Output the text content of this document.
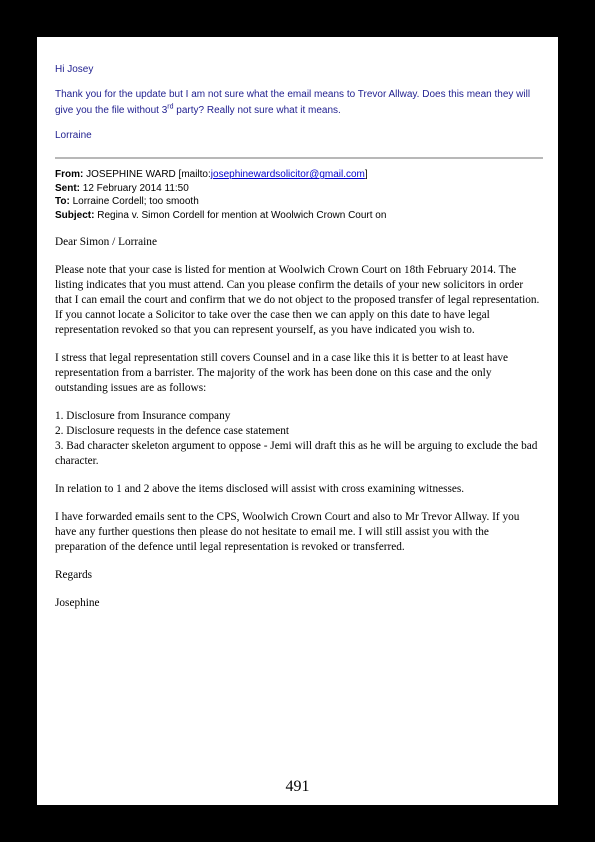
Hi Josey

Thank you for the update but I am not sure what the email means to Trevor Allway. Does this mean they will give you the file without 3rd party? Really not sure what it means.

Lorraine

From: JOSEPHINE WARD [mailto:josephinewardsolicitor@gmail.com]
Sent: 12 February 2014 11:50
To: Lorraine Cordell; too smooth
Subject: Regina v. Simon Cordell for mention at Woolwich Crown Court on

Dear Simon / Lorraine

Please note that your case is listed for mention at Woolwich Crown Court on 18th February 2014. The listing indicates that you must attend. Can you please confirm the details of your new solicitors in order that I can email the court and confirm that we do not object to the proposed transfer of legal representation. If you cannot locate a Solicitor to take over the case then we can apply on this date to have legal representation revoked so that you can represent yourself, as you have indicated you wish to.

I stress that legal representation still covers Counsel and in a case like this it is better to at least have representation from a barrister. The majority of the work has been done on this case and the only outstanding issues are as follows:

1. Disclosure from Insurance company

2. Disclosure requests in the defence case statement

3. Bad character skeleton argument to oppose - Jemi will draft this as he will be arguing to exclude the bad character.

In relation to 1 and 2 above the items disclosed will assist with cross examining witnesses.

I have forwarded emails sent to the CPS, Woolwich Crown Court and also to Mr Trevor Allway. If you have any further questions then please do not hesitate to email me. I will still assist you with the preparation of the defence until legal representation is revoked or transferred.

Regards

Josephine

491
